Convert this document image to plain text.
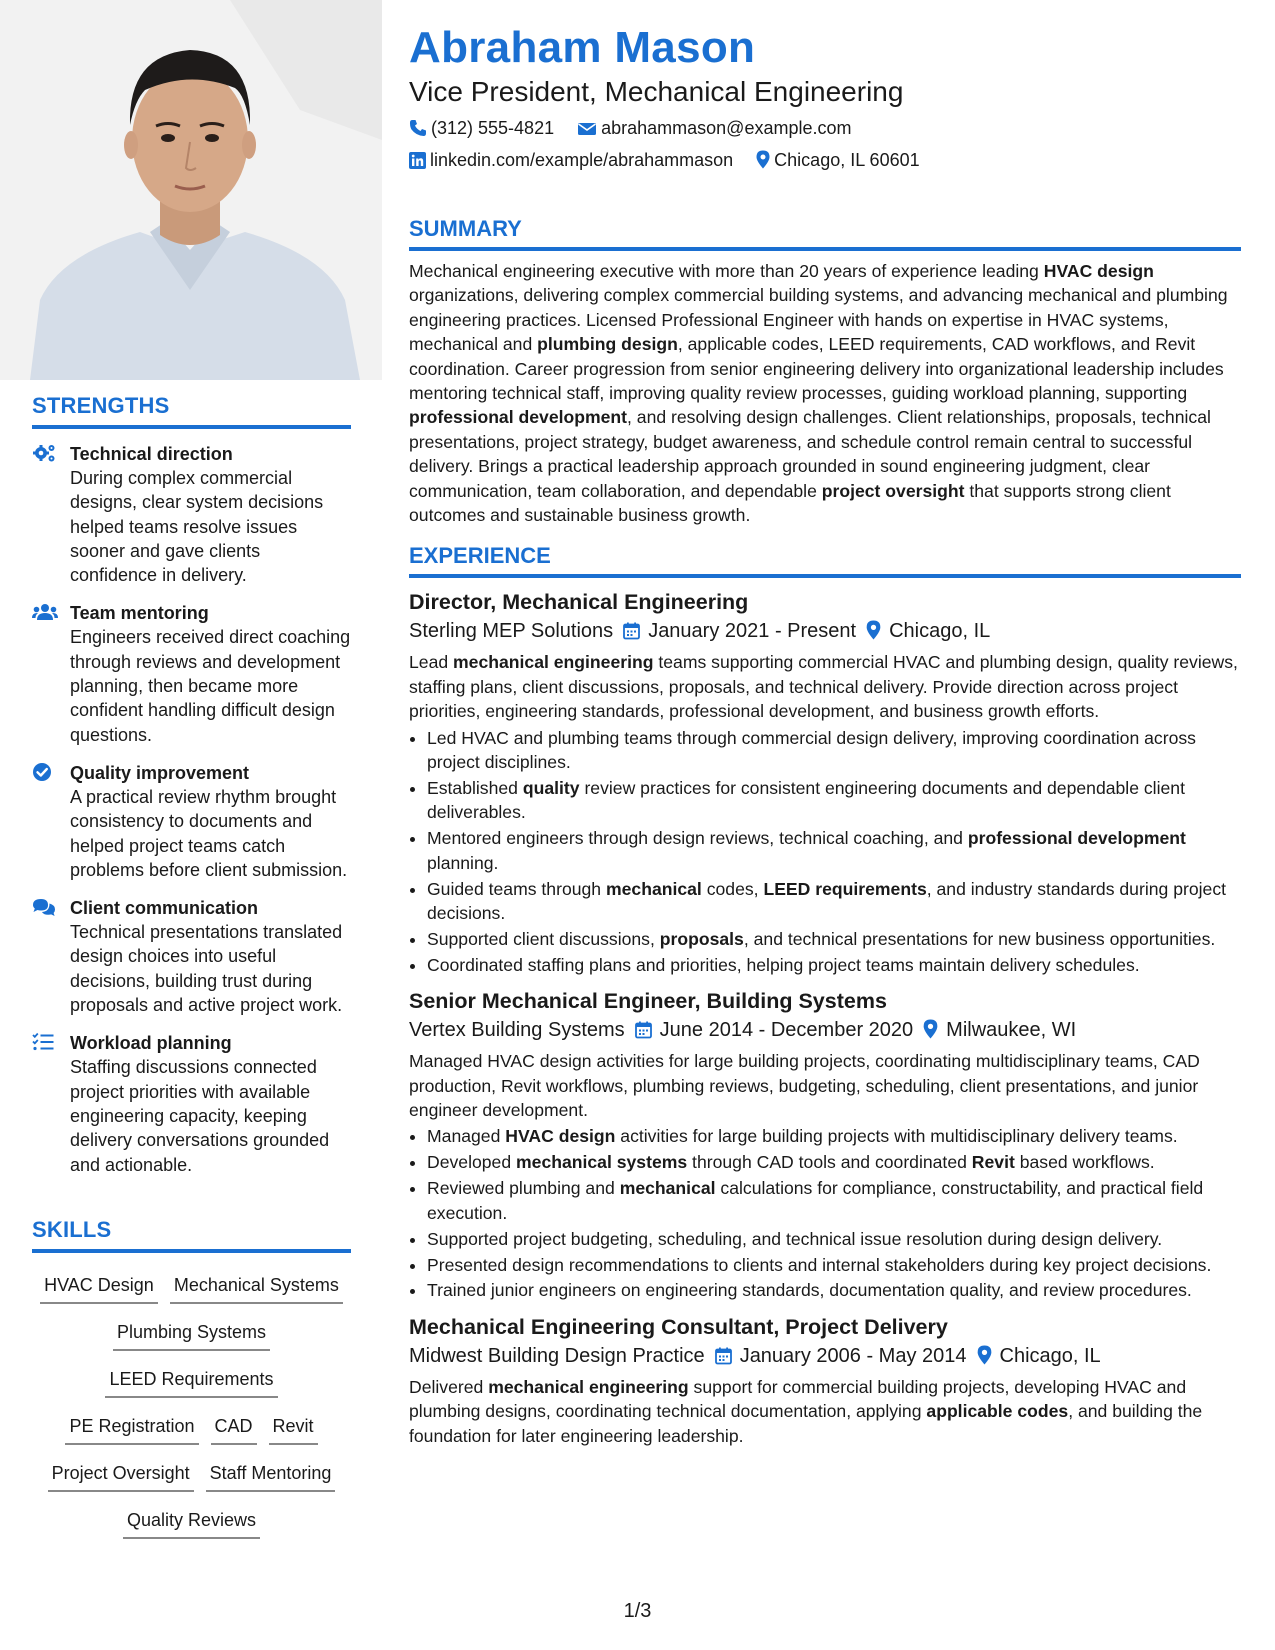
STRENGTHS
Technical direction
During complex commercial designs, clear system decisions helped teams resolve issues sooner and gave clients confidence in delivery.
Team mentoring
Engineers received direct coaching through reviews and development planning, then became more confident handling difficult design questions.
Quality improvement
A practical review rhythm brought consistency to documents and helped project teams catch problems before client submission.
Client communication
Technical presentations translated design choices into useful decisions, building trust during proposals and active project work.
Workload planning
Staffing discussions connected project priorities with available engineering capacity, keeping delivery conversations grounded and actionable.
SKILLS
HVAC Design Mechanical Systems
Plumbing Systems
LEED Requirements
PE Registration CAD Revit
Project Oversight Staff Mentoring
Quality Reviews
Abraham Mason
Vice President, Mechanical Engineering
(312) 555-4821	abrahammason@example.com
linkedin.com/example/abrahammason Chicago, IL 60601
SUMMARY
Mechanical engineering executive with more than 20 years of experience leading HVAC design organizations, delivering complex commercial building systems, and advancing mechanical and plumbing engineering practices. Licensed Professional Engineer with hands on expertise in HVAC systems, mechanical and plumbing design, applicable codes, LEED requirements, CAD workflows, and Revit coordination. Career progression from senior engineering delivery into organizational leadership includes mentoring technical staff, improving quality review processes, guiding workload planning, supporting professional development, and resolving design challenges. Client relationships, proposals, technical presentations, project strategy, budget awareness, and schedule control remain central to successful delivery. Brings a practical leadership approach grounded in sound engineering judgment, clear communication, team collaboration, and dependable project oversight that supports strong client outcomes and sustainable business growth.
EXPERIENCE
Director, Mechanical Engineering
Sterling MEP Solutions January 2021 - Present Chicago, IL
Lead mechanical engineering teams supporting commercial HVAC and plumbing design, quality reviews, staffing plans, client discussions, proposals, and technical delivery. Provide direction across project priorities, engineering standards, professional development, and business growth efforts.
• Led HVAC and plumbing teams through commercial design delivery, improving coordination across project disciplines.
• Established quality review practices for consistent engineering documents and dependable client deliverables.
• Mentored engineers through design reviews, technical coaching, and professional development planning.
• Guided teams through mechanical codes, LEED requirements, and industry standards during project decisions.
• Supported client discussions, proposals, and technical presentations for new business opportunities.
• Coordinated staffing plans and priorities, helping project teams maintain delivery schedules.
Senior Mechanical Engineer, Building Systems
Vertex Building Systems June 2014 - December 2020 Milwaukee, WI
Managed HVAC design activities for large building projects, coordinating multidisciplinary teams, CAD production, Revit workflows, plumbing reviews, budgeting, scheduling, client presentations, and junior engineer development.
• Managed HVAC design activities for large building projects with multidisciplinary delivery teams.
• Developed mechanical systems through CAD tools and coordinated Revit based workflows.
• Reviewed plumbing and mechanical calculations for compliance, constructability, and practical field execution.
• Supported project budgeting, scheduling, and technical issue resolution during design delivery.
• Presented design recommendations to clients and internal stakeholders during key project decisions.
• Trained junior engineers on engineering standards, documentation quality, and review procedures.
Mechanical Engineering Consultant, Project Delivery
Midwest Building Design Practice January 2006 - May 2014 Chicago, IL
Delivered mechanical engineering support for commercial building projects, developing HVAC and plumbing designs, coordinating technical documentation, applying applicable codes, and building the foundation for later engineering leadership.
1/3
